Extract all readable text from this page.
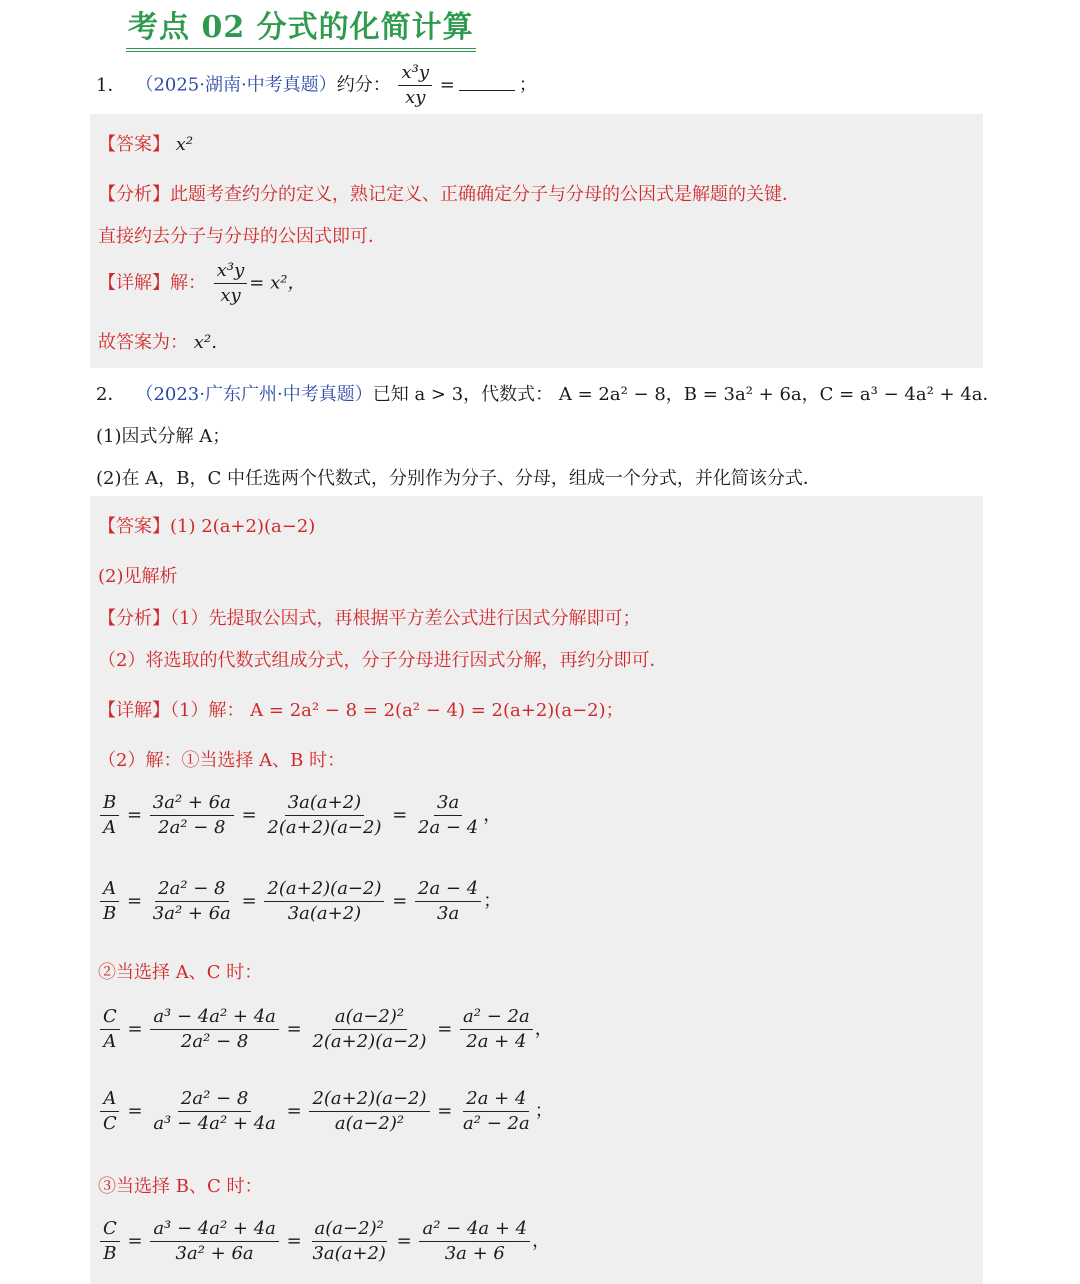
考点 02 分式的化简计算
1． （2025·湖南·中考真题）约分： $\frac{\text{x³y}}{xy}$ =	；
【答案】 x²
【分析】此题考查约分的定义，熟记定义、正确确定分子与分母的公因式是解题的关键．
直接约去分子与分母的公因式即可．
【详解】解： $\frac{\text{x³y}}{xy} = x^2$，
故答案为： x²．
2． （2023·广东广州·中考真题）已知 a > 3，代数式： A = 2a² − 8，B = 3a² + 6a，C = a³ − 4a² + 4a．
(1)因式分解 A；
(2)在 A，B，C 中任选两个代数式，分别作为分子、分母，组成一个分式，并化简该分式．
【答案】(1) 2(a+2)(a−2)
(2)见解析
【分析】（1）先提取公因式，再根据平方差公式进行因式分解即可；
（2）将选取的代数式组成分式，分子分母进行因式分解，再约分即可．
【详解】（1）解： A = 2a² − 8 = 2(a² − 4) = 2(a+2)(a−2)；
（2）解：①当选择 A、B 时：
$\frac{B}{A} = \frac{\text{3a² + 6a}}{\text{2a² − 8}} = \frac{3a(a+2)}{2(a+2)(a-2)} = \frac{3a}{2a - 4}$ ，
$\frac{A}{B} = \frac{\text{2a² − 8}}{\text{3a² + 6a}} = \frac{2(a+2)(a-2)}{3a(a+2)} = \frac{2a - 4}{3a}$ ；
②当选择 A、C 时：
$\frac{C}{A} = \frac{\text{a³ − 4a² + 4a}}{\text{2a² − 8}} = \frac{\text{a(a−2)²}}{2(a+2)(a-2)} = \frac{\text{a² − 2a}}{2a + 4}$ ，
$\frac{A}{C} = \frac{\text{2a² − 8}}{\text{a³ − 4a² + 4a}} = \frac{2(a+2)(a-2)}{\text{a(a−2)²}} = \frac{2a + 4}{\text{a² − 2a}}$ ；
③当选择 B、C 时：
$\frac{C}{B} = \frac{\text{a³ − 4a² + 4a}}{\text{3a² + 6a}} = \frac{\text{a(a−2)²}}{3a(a+2)} = \frac{\text{a² − 4a + 4}}{3a + 6}$ ，
